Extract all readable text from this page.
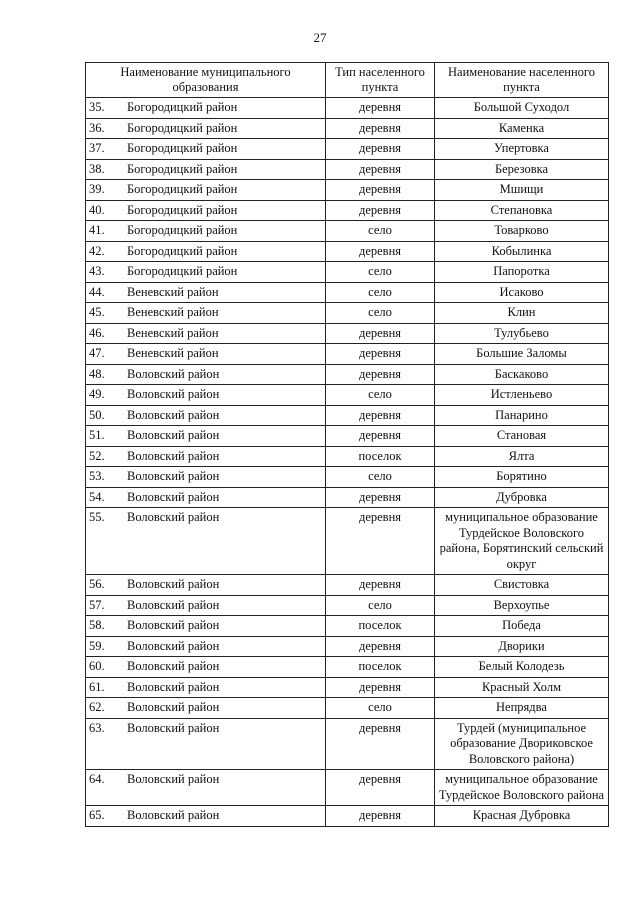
27
Наименование муниципального образования	Тип населенного пункта	Наименование населенного пункта
35. Богородицкий район	деревня	Большой Суходол
36. Богородицкий район	деревня	Каменка
37. Богородицкий район	деревня	Упертовка
38. Богородицкий район	деревня	Березовка
39. Богородицкий район	деревня	Мшищи
40. Богородицкий район	деревня	Степановка
41. Богородицкий район	село	Товарково
42. Богородицкий район	деревня	Кобылинка
43. Богородицкий район	село	Папоротка
44. Веневский район	село	Исаково
45. Веневский район	село	Клин
46. Веневский район	деревня	Тулубьево
47. Веневский район	деревня	Большие Заломы
48. Воловский район	деревня	Баскаково
49. Воловский район	село	Истленьево
50. Воловский район	деревня	Панарино
51. Воловский район	деревня	Становая
52. Воловский район	поселок	Ялта
53. Воловский район	село	Борятино
54. Воловский район	деревня	Дубровка
55. Воловский район	деревня	муниципальное образование Турдейское Воловского района, Борятинский сельский округ
56. Воловский район	деревня	Свистовка
57. Воловский район	село	Верхоупье
58. Воловский район	поселок	Победа
59. Воловский район	деревня	Дворики
60. Воловский район	поселок	Белый Колодезь
61. Воловский район	деревня	Красный Холм
62. Воловский район	село	Непрядва
63. Воловский район	деревня	Турдей (муниципальное образование Двориковское Воловского района)
64. Воловский район	деревня	муниципальное образование Турдейское Воловского района
65. Воловский район	деревня	Красная Дубровка
